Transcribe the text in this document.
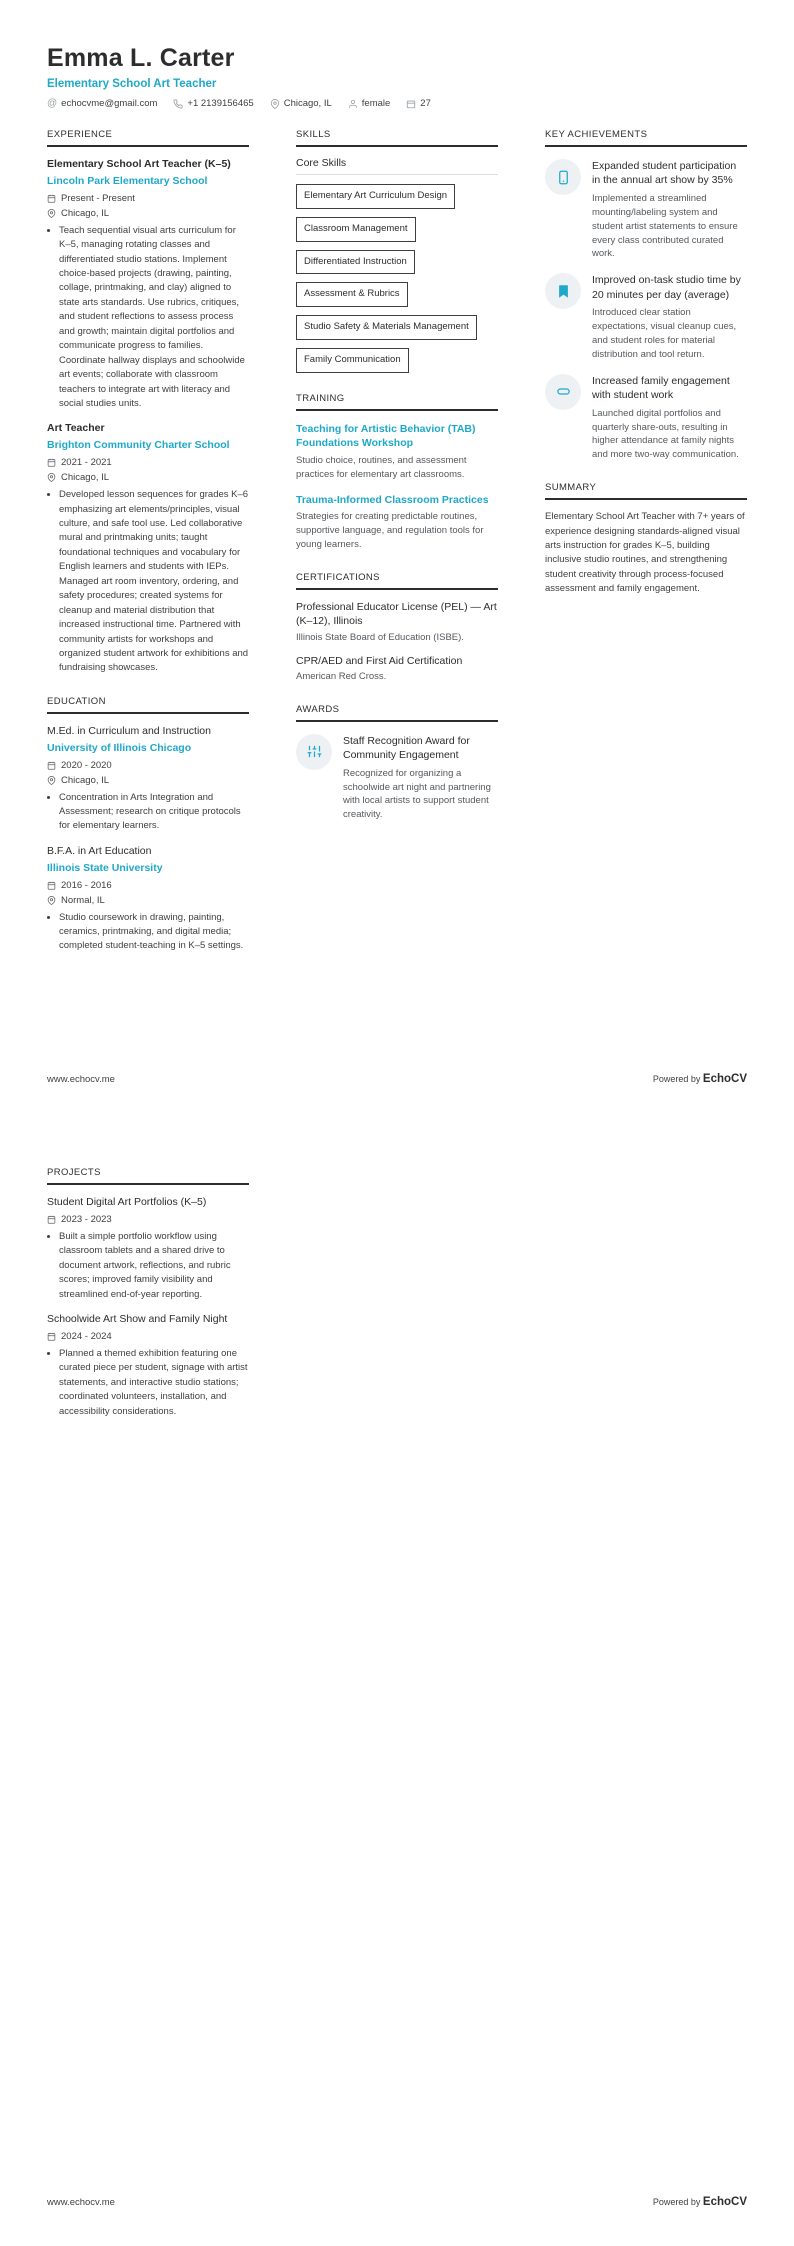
Emma L. Carter
Elementary School Art Teacher
@ echocvme@gmail.com	+1 2139156465	Chicago, IL	female	27
EXPERIENCE
Elementary School Art Teacher (K–5)
Lincoln Park Elementary School
Present - Present
Chicago, IL
• Teach sequential visual arts curriculum for K–5, managing rotating classes and differentiated studio stations. Implement choice-based projects (drawing, painting, collage, printmaking, and clay) aligned to state arts standards. Use rubrics, critiques, and student reflections to assess process and growth; maintain digital portfolios and communicate progress to families. Coordinate hallway displays and schoolwide art events; collaborate with classroom teachers to integrate art with literacy and social studies units.
Art Teacher
Brighton Community Charter School
2021 - 2021
Chicago, IL
• Developed lesson sequences for grades K–6 emphasizing art elements/principles, visual culture, and safe tool use. Led collaborative mural and printmaking units; taught foundational techniques and vocabulary for English learners and students with IEPs. Managed art room inventory, ordering, and safety procedures; created systems for cleanup and material distribution that increased instructional time. Partnered with community artists for workshops and organized student artwork for exhibitions and fundraising showcases.
EDUCATION
M.Ed. in Curriculum and Instruction
University of Illinois Chicago
2020 - 2020
Chicago, IL
• Concentration in Arts Integration and Assessment; research on critique protocols for elementary learners.
B.F.A. in Art Education
Illinois State University
2016 - 2016
Normal, IL
• Studio coursework in drawing, painting, ceramics, printmaking, and digital media; completed student-teaching in K–5 settings.
SKILLS
Core Skills
Elementary Art Curriculum Design
Classroom Management
Differentiated Instruction
Assessment & Rubrics
Studio Safety & Materials Management
Family Communication
TRAINING
Teaching for Artistic Behavior (TAB) Foundations Workshop
Studio choice, routines, and assessment practices for elementary art classrooms.
Trauma-Informed Classroom Practices
Strategies for creating predictable routines, supportive language, and regulation tools for young learners.
CERTIFICATIONS
Professional Educator License (PEL) — Art (K–12), Illinois
Illinois State Board of Education (ISBE).
CPR/AED and First Aid Certification
American Red Cross.
AWARDS
Staff Recognition Award for Community Engagement
Recognized for organizing a schoolwide art night and partnering with local artists to support student creativity.
KEY ACHIEVEMENTS
Expanded student participation in the annual art show by 35%
Implemented a streamlined mounting/labeling system and student artist statements to ensure every class contributed curated work.
Improved on-task studio time by 20 minutes per day (average)
Introduced clear station expectations, visual cleanup cues, and student roles for material distribution and tool return.
Increased family engagement with student work
Launched digital portfolios and quarterly share-outs, resulting in higher attendance at family nights and more two-way communication.
SUMMARY

Elementary School Art Teacher with 7+ years of experience designing standards-aligned visual arts instruction for grades K–5, building inclusive studio routines, and strengthening student creativity through process-focused assessment and family engagement.

www.echocv.me	Powered by EchoCV
PROJECTS
Student Digital Art Portfolios (K–5)
2023 - 2023
• Built a simple portfolio workflow using classroom tablets and a shared drive to document artwork, reflections, and rubric scores; improved family visibility and streamlined end-of-year reporting.
Schoolwide Art Show and Family Night
2024 - 2024
• Planned a themed exhibition featuring one curated piece per student, signage with artist statements, and interactive studio stations; coordinated volunteers, installation, and accessibility considerations.
www.echocv.me	Powered by EchoCV
